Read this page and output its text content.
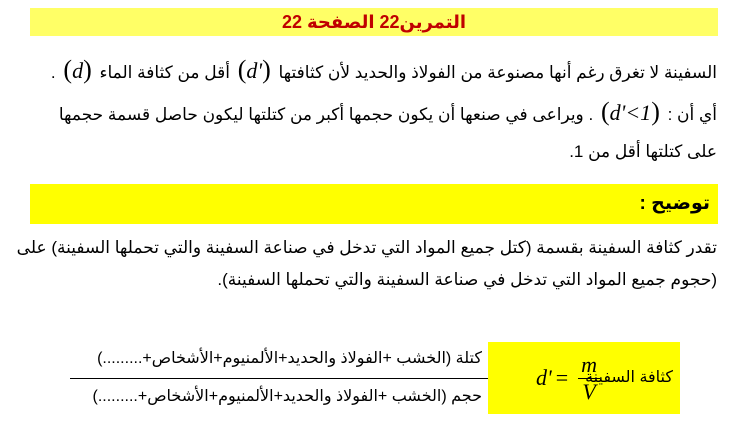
التمرين22 الصفحة 22
السفينة لا تغرق رغم أنها مصنوعة من الفولاذ والحديد لأن كثافتها (d') أقل من كثافة الماء (d) .
أي أن : (d'<1) . ويراعى في صنعها أن يكون حجمها أكبر من كتلتها ليكون حاصل قسمة حجمها
على كتلتها أقل من 1.
توضيح :
تقدر كثافة السفينة بقسمة (كتل جميع المواد التي تدخل في صناعة السفينة والتي تحملها السفينة) على
(حجوم جميع المواد التي تدخل في صناعة السفينة والتي تحملها السفينة).
كثافة السفينة
$d' = \frac{m}{V}$
كتلة (الخشب +الفولاذ والحديد+الألمنيوم+الأشخاص+.........)
حجم (الخشب +الفولاذ والحديد+الألمنيوم+الأشخاص+.........)
